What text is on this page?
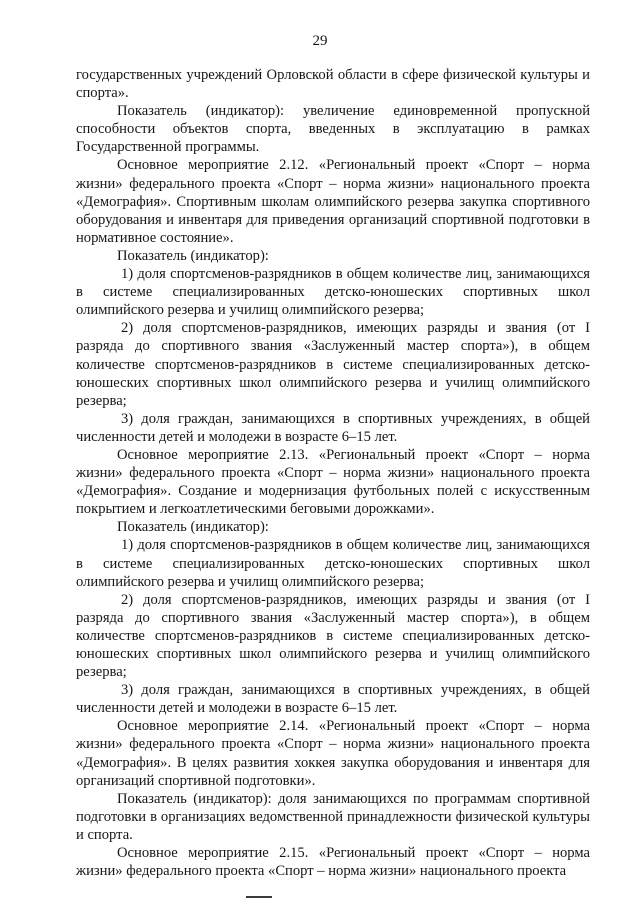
29

государственных учреждений Орловской области в сфере физической культуры и спорта».

Показатель (индикатор): увеличение единовременной пропускной способности объектов спорта, введенных в эксплуатацию в рамках Государственной программы.

Основное мероприятие 2.12. «Региональный проект «Спорт – норма жизни» федерального проекта «Спорт – норма жизни» национального проекта «Демография». Спортивным школам олимпийского резерва закупка спортивного оборудования и инвентаря для приведения организаций спортивной подготовки в нормативное состояние».

Показатель (индикатор):

1) доля спортсменов-разрядников в общем количестве лиц, занимающихся в системе специализированных детско-юношеских спортивных школ олимпийского резерва и училищ олимпийского резерва;

2) доля спортсменов-разрядников, имеющих разряды и звания (от I разряда до спортивного звания «Заслуженный мастер спорта»), в общем количестве спортсменов-разрядников в системе специализированных детско-юношеских спортивных школ олимпийского резерва и училищ олимпийского резерва;

3) доля граждан, занимающихся в спортивных учреждениях, в общей численности детей и молодежи в возрасте 6–15 лет.

Основное мероприятие 2.13. «Региональный проект «Спорт – норма жизни» федерального проекта «Спорт – норма жизни» национального проекта «Демография». Создание и модернизация футбольных полей с искусственным покрытием и легкоатлетическими беговыми дорожками».

Показатель (индикатор):

1) доля спортсменов-разрядников в общем количестве лиц, занимающихся в системе специализированных детско-юношеских спортивных школ олимпийского резерва и училищ олимпийского резерва;

2) доля спортсменов-разрядников, имеющих разряды и звания (от I разряда до спортивного звания «Заслуженный мастер спорта»), в общем количестве спортсменов-разрядников в системе специализированных детско-юношеских спортивных школ олимпийского резерва и училищ олимпийского резерва;

3) доля граждан, занимающихся в спортивных учреждениях, в общей численности детей и молодежи в возрасте 6–15 лет.

Основное мероприятие 2.14. «Региональный проект «Спорт – норма жизни» федерального проекта «Спорт – норма жизни» национального проекта «Демография». В целях развития хоккея закупка оборудования и инвентаря для организаций спортивной подготовки».

Показатель (индикатор): доля занимающихся по программам спортивной подготовки в организациях ведомственной принадлежности физической культуры и спорта.

Основное мероприятие 2.15. «Региональный проект «Спорт – норма жизни» федерального проекта «Спорт – норма жизни» национального проекта
